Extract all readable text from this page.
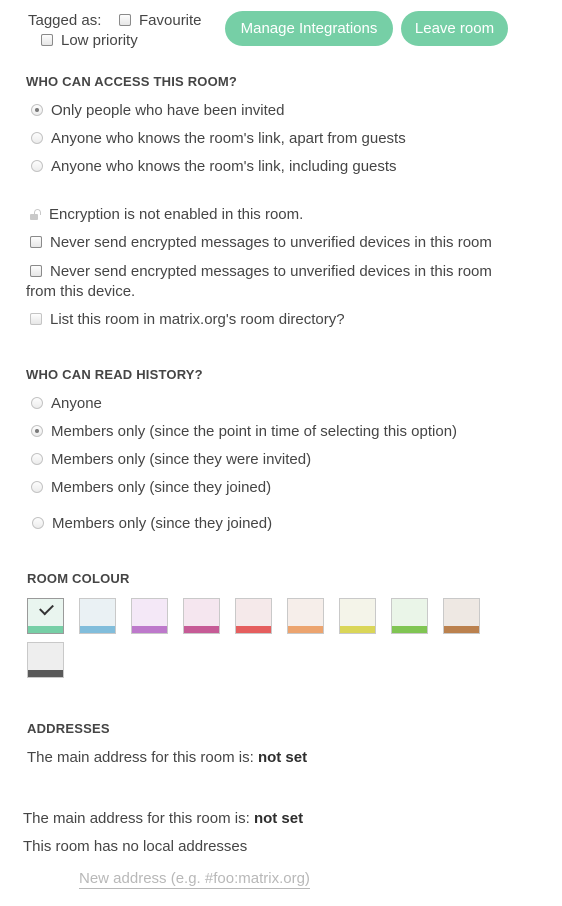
Tagged as:	Favourite
Low priority
Manage Integrations	Leave room
WHO CAN ACCESS THIS ROOM?
Only people who have been invited
Anyone who knows the room's link, apart from guests
Anyone who knows the room's link, including guests
Encryption is not enabled in this room.
Never send encrypted messages to unverified devices in this room
Never send encrypted messages to unverified devices in this room
from this device.
List this room in matrix.org's room directory?
WHO CAN READ HISTORY?
Anyone
Members only (since the point in time of selecting this option)
Members only (since they were invited)
Members only (since they joined)
Members only (since they joined)
ROOM COLOUR
ADDRESSES
The main address for this room is: not set
The main address for this room is: not set
This room has no local addresses
New address (e.g. #foo:matrix.org)
